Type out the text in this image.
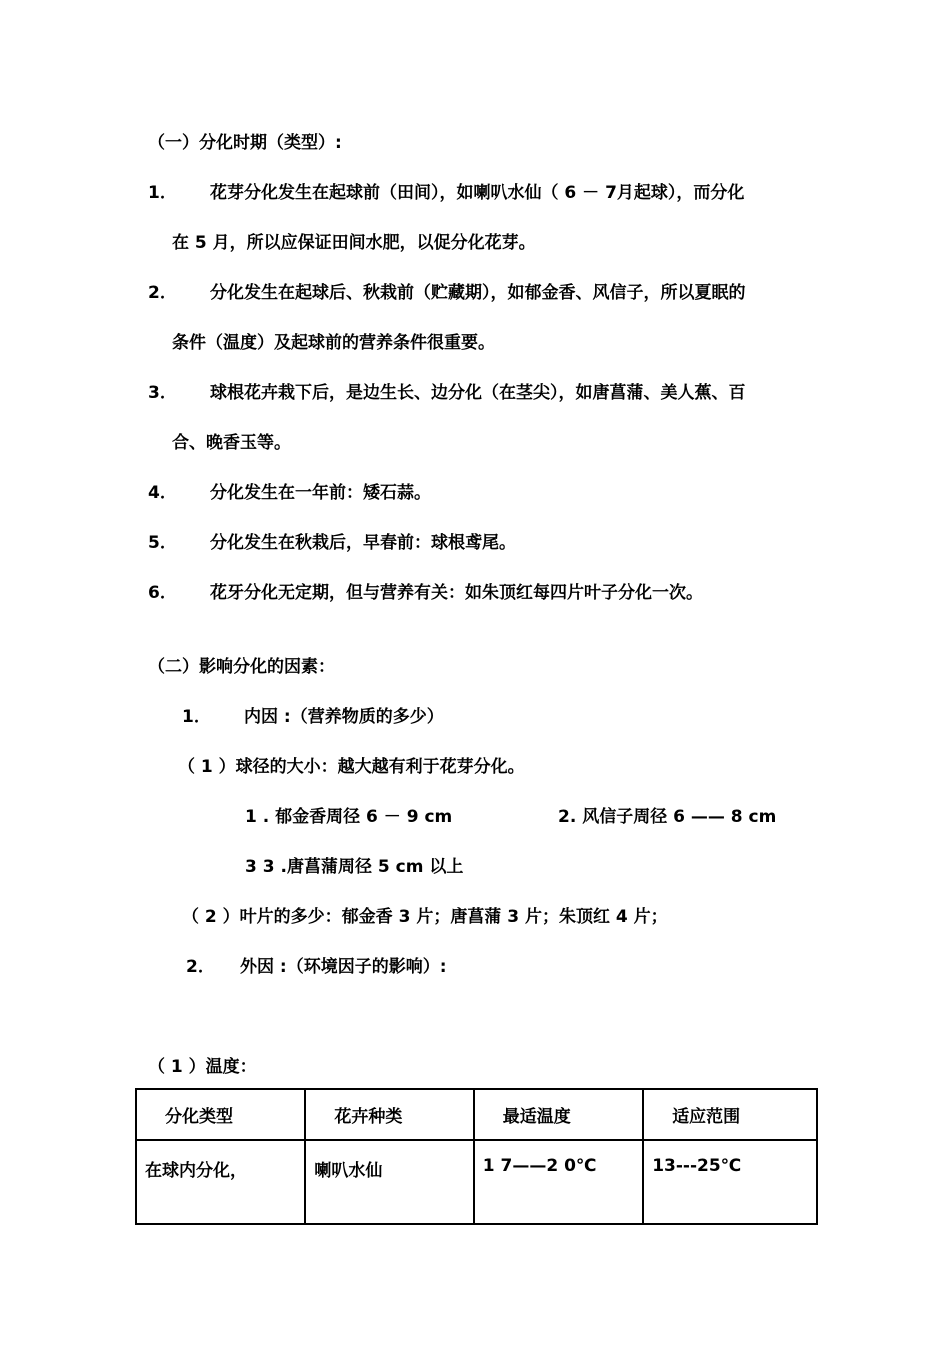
（一）分化时期（类型）:
1． 花芽分化发生在起球前（田间），如喇叭水仙（ 6 － 7月起球），而分化
在 5 月，所以应保证田间水肥，以促分化花芽。
2． 分化发生在起球后、秋栽前（贮藏期），如郁金香、风信子，所以夏眠的
条件（温度）及起球前的营养条件很重要。
3． 球根花卉栽下后，是边生长、边分化（在茎尖），如唐菖蒲、美人蕉、百
合、晚香玉等。
4． 分化发生在一年前：矮石蒜。
5． 分化发生在秋栽后，早春前：球根鸢尾。
6． 花牙分化无定期，但与营养有关：如朱顶红每四片叶子分化一次。
（二）影响分化的因素：
1． 内因 :（营养物质的多少）
（ 1 ）球径的大小：越大越有利于花芽分化。
1 . 郁金香周径 6 － 9 cm	2. 风信子周径 6 —— 8 cm
3 3 .唐菖蒲周径 5 cm 以上
（ 2 ）叶片的多少：郁金香 3 片；唐菖蒲 3 片；朱顶红 4 片；
2． 外因 :（环境因子的影响）:
（ 1 ）温度：
分化类型	花卉种类	最适温度	适应范围
在球内分化，	喇叭水仙	1 7——2 0℃	13---25℃
